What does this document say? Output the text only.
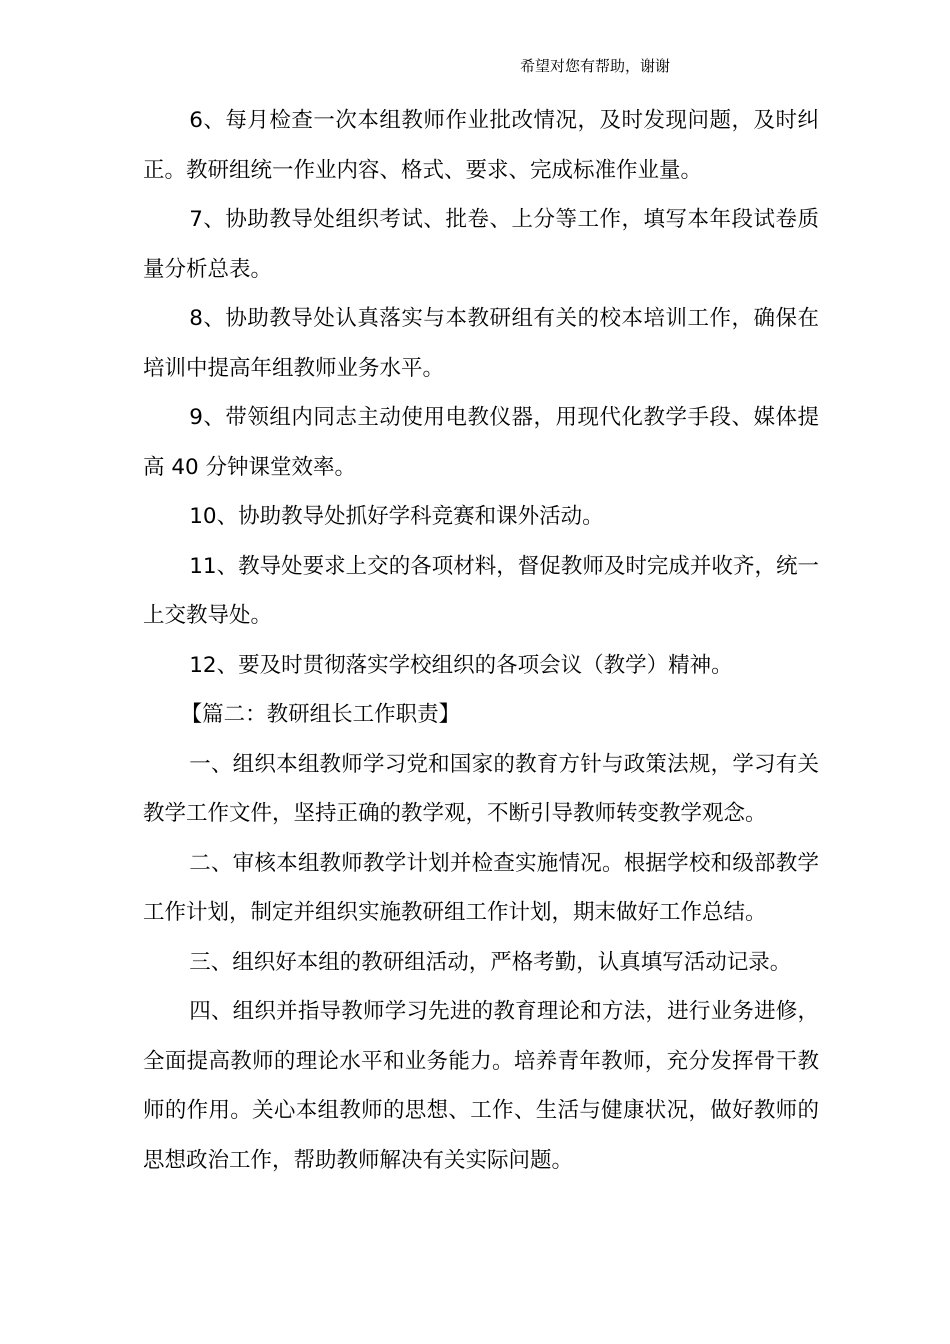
希望对您有帮助，谢谢

6、每月检查一次本组教师作业批改情况，及时发现问题，及时纠正。教研组统一作业内容、格式、要求、完成标准作业量。

7、协助教导处组织考试、批卷、上分等工作，填写本年段试卷质量分析总表。

8、协助教导处认真落实与本教研组有关的校本培训工作，确保在培训中提高年组教师业务水平。

9、带领组内同志主动使用电教仪器，用现代化教学手段、媒体提高 40 分钟课堂效率。

10、协助教导处抓好学科竞赛和课外活动。

11、教导处要求上交的各项材料，督促教师及时完成并收齐，统一上交教导处。

12、要及时贯彻落实学校组织的各项会议（教学）精神。

【篇二：教研组长工作职责】

一、组织本组教师学习党和国家的教育方针与政策法规，学习有关教学工作文件，坚持正确的教学观，不断引导教师转变教学观念。

二、审核本组教师教学计划并检查实施情况。根据学校和级部教学工作计划，制定并组织实施教研组工作计划，期末做好工作总结。

三、组织好本组的教研组活动，严格考勤，认真填写活动记录。

四、组织并指导教师学习先进的教育理论和方法，进行业务进修，全面提高教师的理论水平和业务能力。培养青年教师，充分发挥骨干教师的作用。关心本组教师的思想、工作、生活与健康状况，做好教师的思想政治工作，帮助教师解决有关实际问题。
